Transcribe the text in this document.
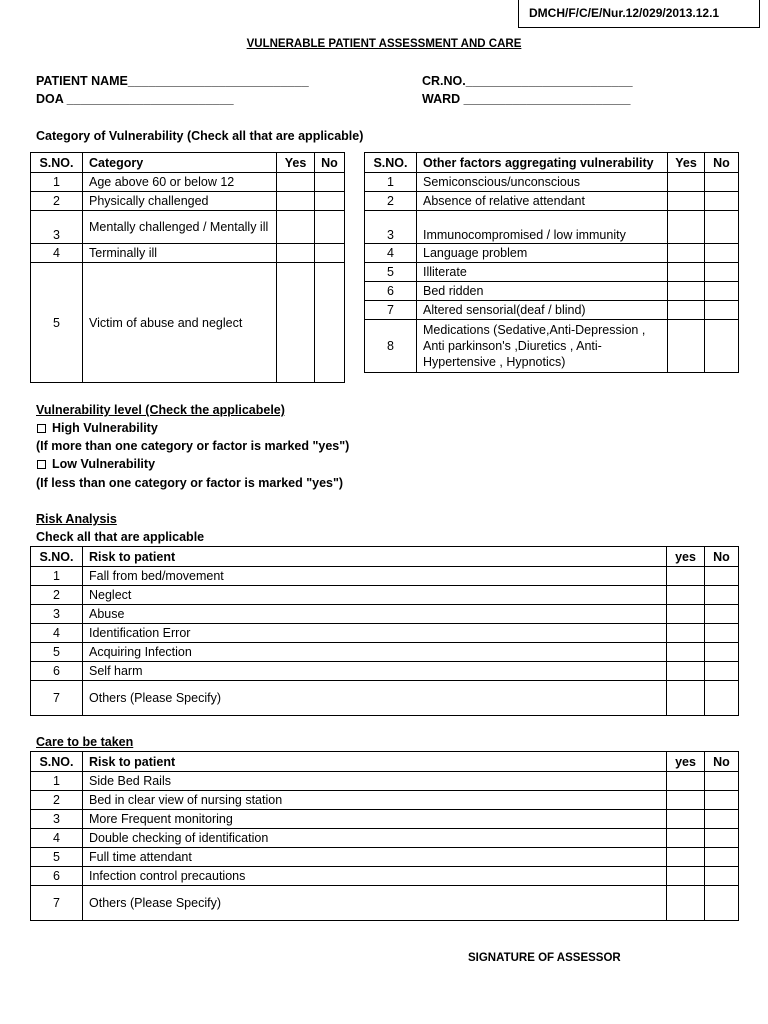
DMCH/F/C/E/Nur.12/029/2013.12.1
VULNERABLE PATIENT ASSESSMENT AND CARE
PATIENT NAME__________________________	CR.NO.________________________
DOA ________________________	WARD ________________________
Category of Vulnerability (Check all that are applicable)
S.NO.	Category	Yes	No
1	Age above 60 or below 12		
2	Physically challenged		
3	Mentally challenged / Mentally ill		
4	Terminally ill		
5	Victim of abuse and neglect		
S.NO.	Other factors aggregating vulnerability	Yes	No
1	Semiconscious/unconscious		
2	Absence of relative attendant		
3	Immunocompromised / low immunity		
4	Language problem		
5	Illiterate		
6	Bed ridden		
7	Altered sensorial(deaf / blind)		
8	Medications (Sedative,Anti-Depression , Anti parkinson's ,Diuretics , Anti-Hypertensive , Hypnotics)		
Vulnerability level (Check the applicabele)
High Vulnerability
(If more than one category or factor is marked "yes")
Low Vulnerability
(If less than one category or factor is marked "yes")
Risk Analysis
Check all that are applicable
S.NO.	Risk to patient	yes	No
1	Fall from bed/movement		
2	Neglect		
3	Abuse		
4	Identification Error		
5	Acquiring Infection		
6	Self harm		
7	Others (Please Specify)		
Care to be taken
S.NO.	Risk to patient	yes	No
1	Side Bed Rails		
2	Bed in clear view of nursing station		
3	More Frequent monitoring		
4	Double checking of identification		
5	Full time attendant		
6	Infection control precautions		
7	Others (Please Specify)		
SIGNATURE OF ASSESSOR
